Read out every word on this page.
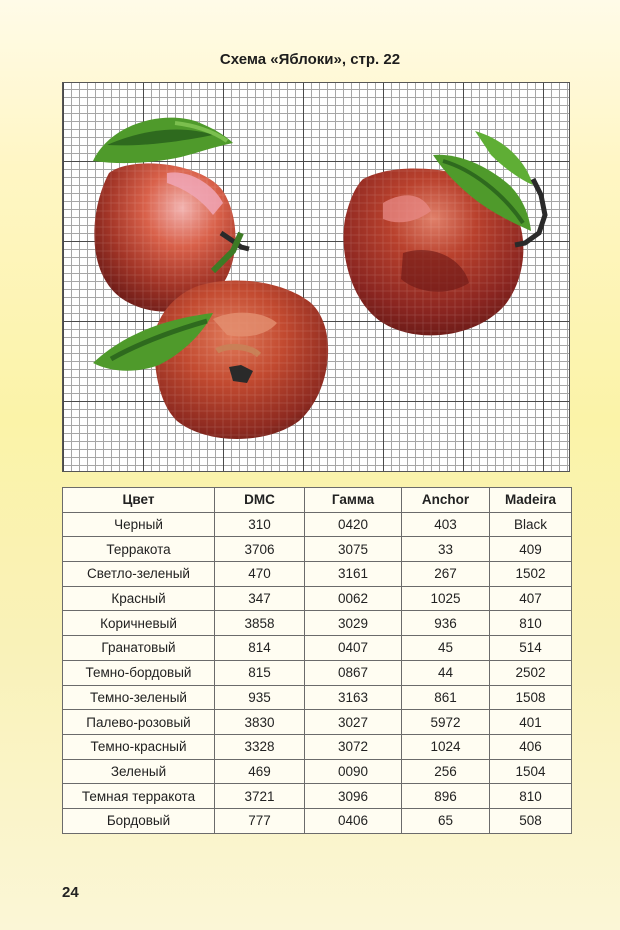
Схема «Яблоки», стр. 22
Цвет	DMC	Гамма	Anchor	Madeira
Черный	310	0420	403	Black
Терракота	3706	3075	33	409
Светло-зеленый	470	3161	267	1502
Красный	347	0062	1025	407
Коричневый	3858	3029	936	810
Гранатовый	814	0407	45	514
Темно-бордовый	815	0867	44	2502
Темно-зеленый	935	3163	861	1508
Палево-розовый	3830	3027	5972	401
Темно-красный	3328	3072	1024	406
Зеленый	469	0090	256	1504
Темная терракота	3721	3096	896	810
Бордовый	777	0406	65	508
24
